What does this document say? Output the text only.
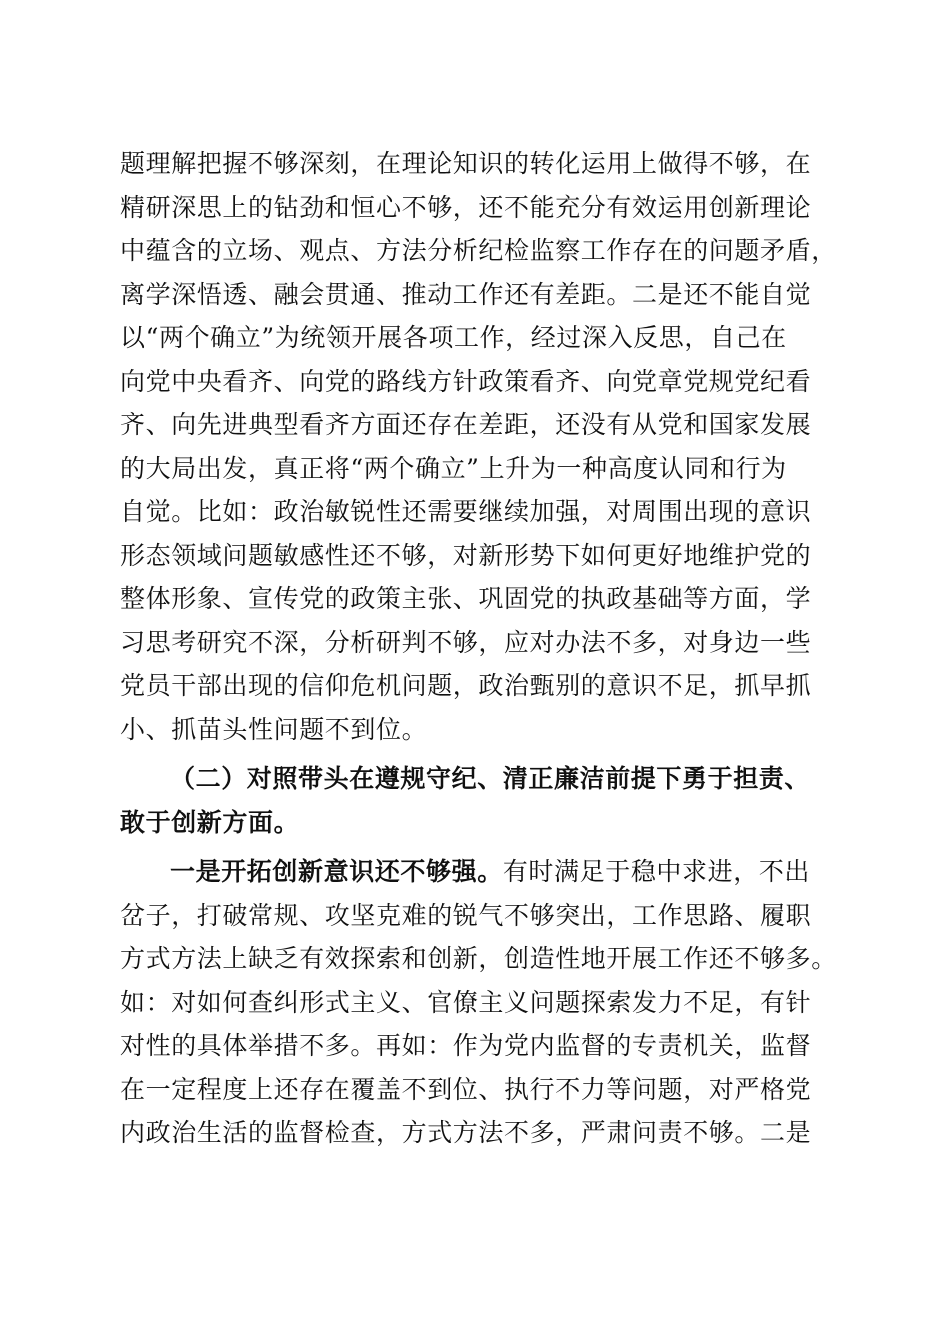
题理解把握不够深刻，在理论知识的转化运用上做得不够，在
精研深思上的钻劲和恒心不够，还不能充分有效运用创新理论
中蕴含的立场、观点、方法分析纪检监察工作存在的问题矛盾，
离学深悟透、融会贯通、推动工作还有差距。二是还不能自觉
以“两个确立”为统领开展各项工作，经过深入反思，自己在
向党中央看齐、向党的路线方针政策看齐、向党章党规党纪看
齐、向先进典型看齐方面还存在差距，还没有从党和国家发展
的大局出发，真正将“两个确立”上升为一种高度认同和行为
自觉。比如：政治敏锐性还需要继续加强，对周围出现的意识
形态领域问题敏感性还不够，对新形势下如何更好地维护党的
整体形象、宣传党的政策主张、巩固党的执政基础等方面，学
习思考研究不深，分析研判不够，应对办法不多，对身边一些
党员干部出现的信仰危机问题，政治甄别的意识不足，抓早抓
小、抓苗头性问题不到位。
（二）对照带头在遵规守纪、清正廉洁前提下勇于担责、
敢于创新方面。
一是开拓创新意识还不够强。有时满足于稳中求进，不出
岔子，打破常规、攻坚克难的锐气不够突出，工作思路、履职
方式方法上缺乏有效探索和创新，创造性地开展工作还不够多。
如：对如何查纠形式主义、官僚主义问题探索发力不足，有针
对性的具体举措不多。再如：作为党内监督的专责机关，监督
在一定程度上还存在覆盖不到位、执行不力等问题，对严格党
内政治生活的监督检查，方式方法不多，严肃问责不够。二是
